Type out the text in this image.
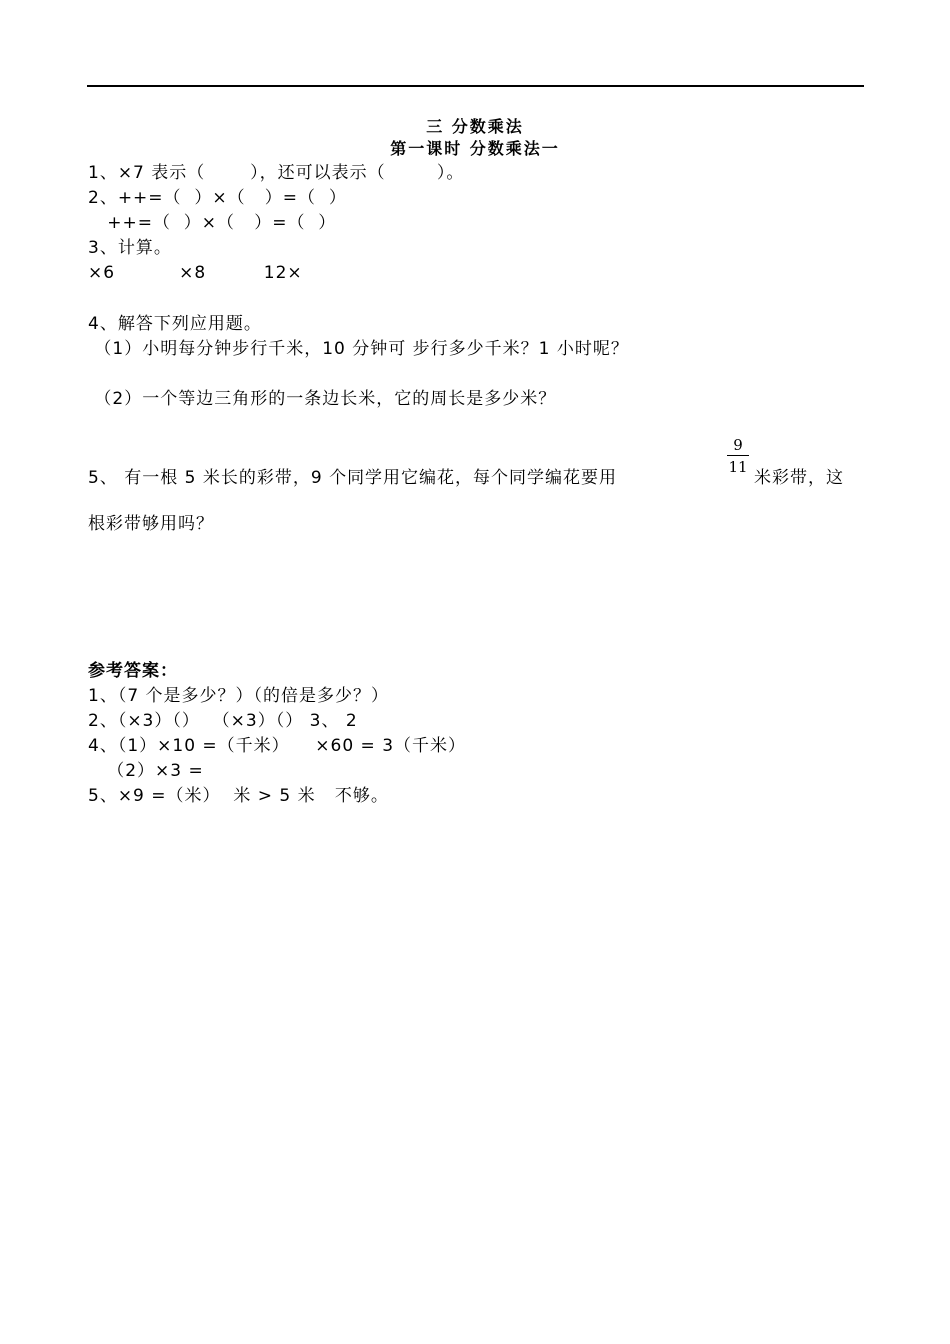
三 分数乘法
第一课时 分数乘法一
1、×7 表示（       ），还可以表示（        ）。
2、++=（  ）×（   ）=（  ）
++=（  ）×（   ）=（  ）
3、计算。
×6          ×8         12×
4、解答下列应用题。
（1）小明每分钟步行千米，10 分钟可 步行多少千米？1 小时呢？
（2）一个等边三角形的一条边长米，它的周长是多少米？
5、 有一根 5 米长的彩带，9 个同学用它编花，每个同学编花要用
9
11
米彩带，这
根彩带够用吗？
参考答案：
1、（7 个是多少？）（的倍是多少？）
2、（×3）（）  （×3）（） 3、 2
4、（1）×10 =（千米）    ×60 = 3（千米）
（2）×3 =
5、×9 =（米）  米 > 5 米   不够。
